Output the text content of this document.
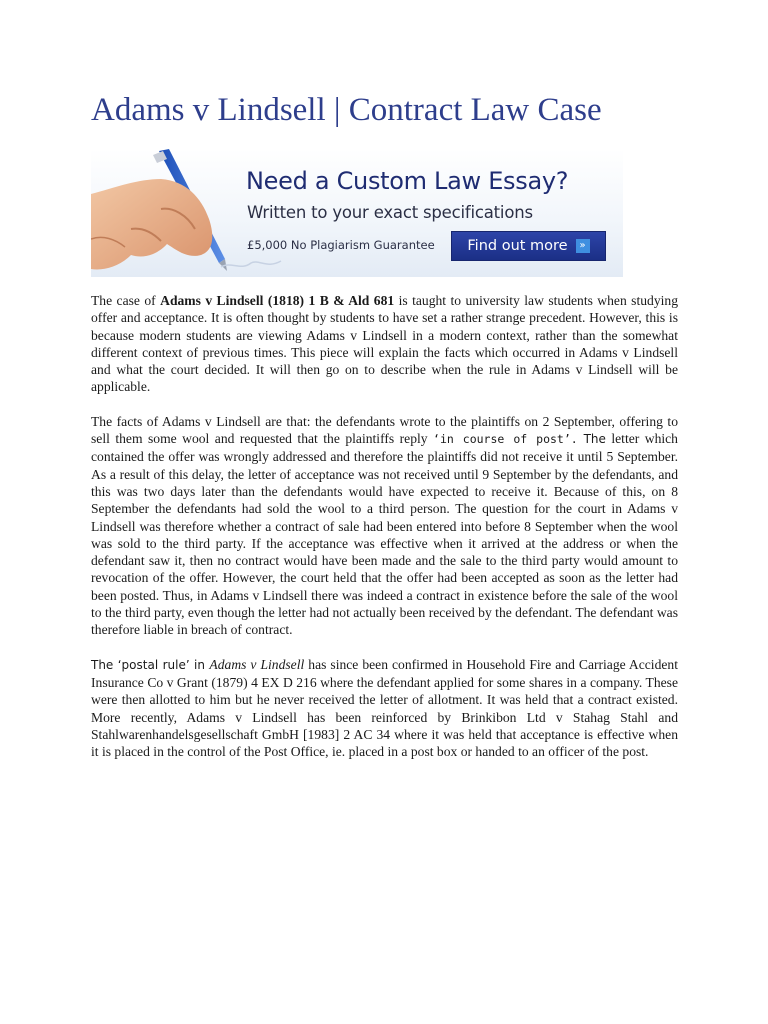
Adams v Lindsell | Contract Law Case
Need a Custom Law Essay?
Written to your exact specifications
£5,000 No Plagiarism Guarantee Find out more	»

The case of Adams v Lindsell (1818) 1 B & Ald 681 is taught to university law students when studying offer and acceptance. It is often thought by students to have set a rather strange precedent. However, this is because modern students are viewing Adams v Lindsell in a modern context, rather than the somewhat different context of previous times. This piece will explain the facts which occurred in Adams v Lindsell and what the court decided. It will then go on to describe when the rule in Adams v Lindsell will be applicable.

The facts of Adams v Lindsell are that: the defendants wrote to the plaintiffs on 2 September, offering to sell them some wool and requested that the plaintiffs reply ‘in course of post’. The letter which contained the offer was wrongly addressed and therefore the plaintiffs did not receive it until 5 September. As a result of this delay, the letter of acceptance was not received until 9 September by the defendants, and this was two days later than the defendants would have expected to receive it. Because of this, on 8 September the defendants had sold the wool to a third person. The question for the court in Adams v Lindsell was therefore whether a contract of sale had been entered into before 8 September when the wool was sold to the third party. If the acceptance was effective when it arrived at the address or when the defendant saw it, then no contract would have been made and the sale to the third party would amount to revocation of the offer. However, the court held that the offer had been accepted as soon as the letter had been posted. Thus, in Adams v Lindsell there was indeed a contract in existence before the sale of the wool to the third party, even though the letter had not actually been received by the defendant. The defendant was therefore liable in breach of contract.

The ‘postal rule’ in Adams v Lindsell has since been confirmed in Household Fire and Carriage Accident Insurance Co v Grant (1879) 4 EX D 216 where the defendant applied for some shares in a company. These were then allotted to him but he never received the letter of allotment. It was held that a contract existed. More recently, Adams v Lindsell has been reinforced by Brinkibon Ltd v Stahag Stahl and Stahlwarenhandelsgesellschaft GmbH [1983] 2 AC 34 where it was held that acceptance is effective when it is placed in the control of the Post Office, ie. placed in a post box or handed to an officer of the post.
